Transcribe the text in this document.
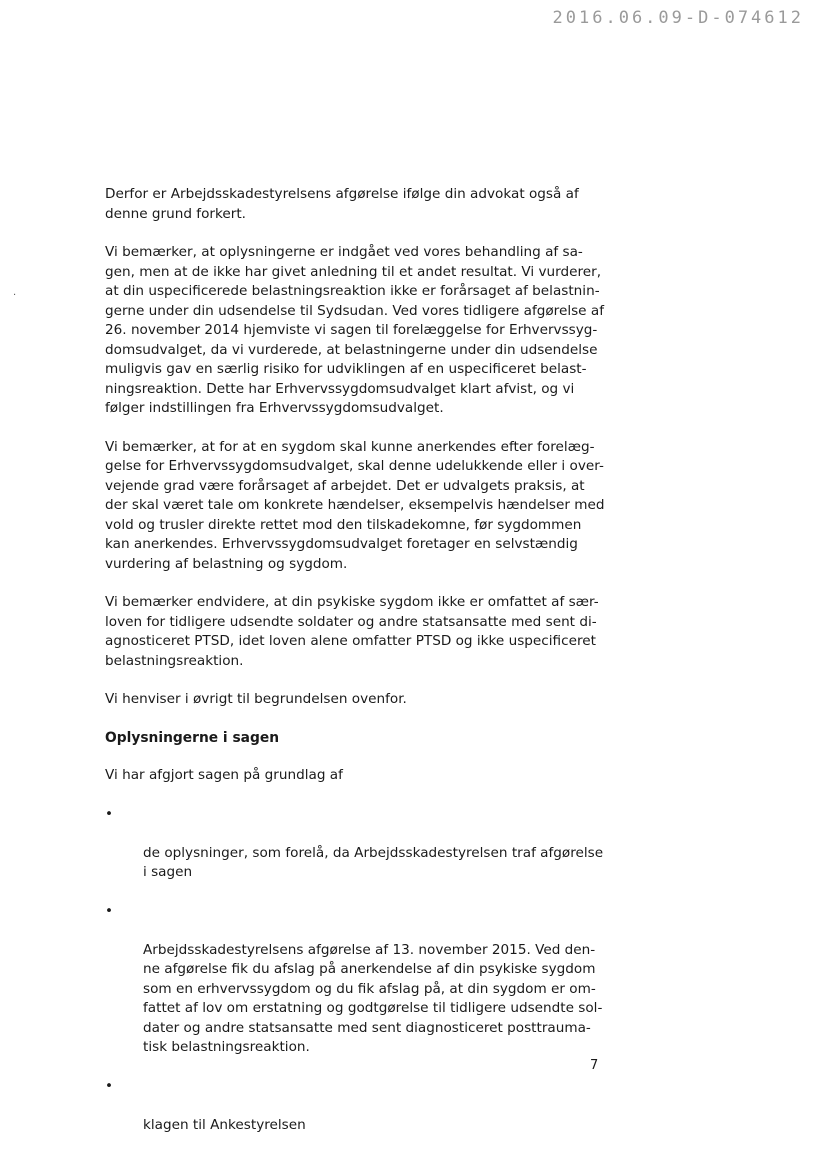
2016.06.09-D-074612
·

Derfor er Arbejdsskadestyrelsens afgørelse ifølge din advokat også af
denne grund forkert.

Vi bemærker, at oplysningerne er indgået ved vores behandling af sa-
gen, men at de ikke har givet anledning til et andet resultat. Vi vurderer,
at din uspecificerede belastningsreaktion ikke er forårsaget af belastnin-
gerne under din udsendelse til Sydsudan. Ved vores tidligere afgørelse af
26. november 2014 hjemviste vi sagen til forelæggelse for Erhvervssyg-
domsudvalget, da vi vurderede, at belastningerne under din udsendelse
muligvis gav en særlig risiko for udviklingen af en uspecificeret belast-
ningsreaktion. Dette har Erhvervssygdomsudvalget klart afvist, og vi
følger indstillingen fra Erhvervssygdomsudvalget.

Vi bemærker, at for at en sygdom skal kunne anerkendes efter forelæg-
gelse for Erhvervssygdomsudvalget, skal denne udelukkende eller i over-
vejende grad være forårsaget af arbejdet. Det er udvalgets praksis, at
der skal været tale om konkrete hændelser, eksempelvis hændelser med
vold og trusler direkte rettet mod den tilskadekomne, før sygdommen
kan anerkendes. Erhvervssygdomsudvalget foretager en selvstændig
vurdering af belastning og sygdom.

Vi bemærker endvidere, at din psykiske sygdom ikke er omfattet af sær-
loven for tidligere udsendte soldater og andre statsansatte med sent di-
agnosticeret PTSD, idet loven alene omfatter PTSD og ikke uspecificeret
belastningsreaktion.

Vi henviser i øvrigt til begrundelsen ovenfor.

Oplysningerne i sagen

Vi har afgjort sagen på grundlag af

•

de oplysninger, som forelå, da Arbejdsskadestyrelsen traf afgørelse
i sagen

•

Arbejdsskadestyrelsens afgørelse af 13. november 2015. Ved den-
ne afgørelse fik du afslag på anerkendelse af din psykiske sygdom
som en erhvervssygdom og du fik afslag på, at din sygdom er om-
fattet af lov om erstatning og godtgørelse til tidligere udsendte sol-
dater og andre statsansatte med sent diagnosticeret posttrauma-
tisk belastningsreaktion.

•

klagen til Ankestyrelsen

7
